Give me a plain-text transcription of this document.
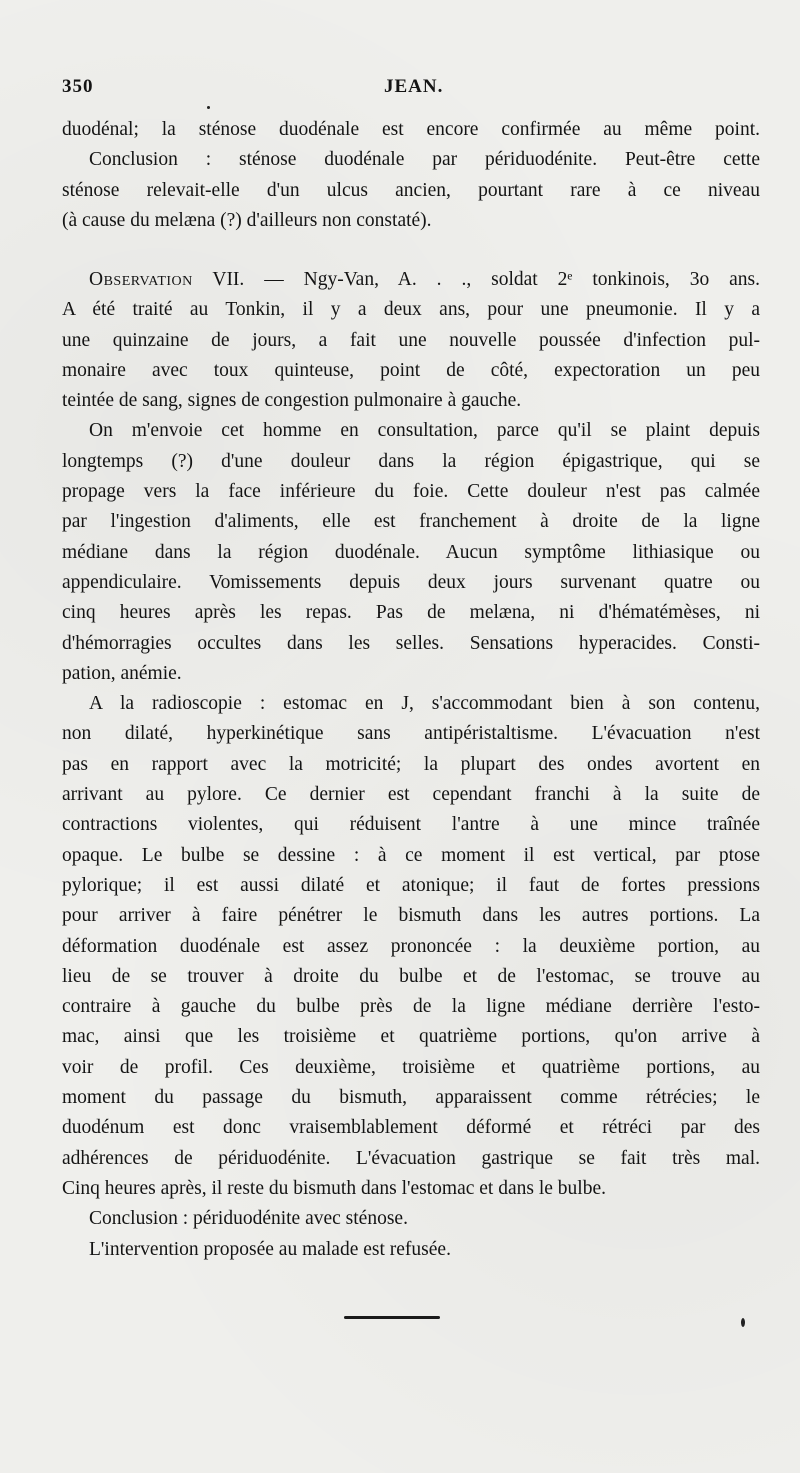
350	JEAN.
duodénal; la sténose duodénale est encore confirmée au même point.
Conclusion : sténose duodénale par périduodénite. Peut-être cette
sténose relevait-elle d'un ulcus ancien, pourtant rare à ce niveau
(à cause du melæna (?) d'ailleurs non constaté).
Observation VII. — Ngy-Van, A. . ., soldat 2ᵉ tonkinois, 3o ans.
A été traité au Tonkin, il y a deux ans, pour une pneumonie. Il y a
une quinzaine de jours, a fait une nouvelle poussée d'infection pul-
monaire avec toux quinteuse, point de côté, expectoration un peu
teintée de sang, signes de congestion pulmonaire à gauche.
On m'envoie cet homme en consultation, parce qu'il se plaint depuis
longtemps (?) d'une douleur dans la région épigastrique, qui se
propage vers la face inférieure du foie. Cette douleur n'est pas calmée
par l'ingestion d'aliments, elle est franchement à droite de la ligne
médiane dans la région duodénale. Aucun symptôme lithiasique ou
appendiculaire. Vomissements depuis deux jours survenant quatre ou
cinq heures après les repas. Pas de melæna, ni d'hématémèses, ni
d'hémorragies occultes dans les selles. Sensations hyperacides. Consti-
pation, anémie.
A la radioscopie : estomac en J, s'accommodant bien à son contenu,
non dilaté, hyperkinétique sans antipéristaltisme. L'évacuation n'est
pas en rapport avec la motricité; la plupart des ondes avortent en
arrivant au pylore. Ce dernier est cependant franchi à la suite de
contractions violentes, qui réduisent l'antre à une mince traînée
opaque. Le bulbe se dessine : à ce moment il est vertical, par ptose
pylorique; il est aussi dilaté et atonique; il faut de fortes pressions
pour arriver à faire pénétrer le bismuth dans les autres portions. La
déformation duodénale est assez prononcée : la deuxième portion, au
lieu de se trouver à droite du bulbe et de l'estomac, se trouve au
contraire à gauche du bulbe près de la ligne médiane derrière l'esto-
mac, ainsi que les troisième et quatrième portions, qu'on arrive à
voir de profil. Ces deuxième, troisième et quatrième portions, au
moment du passage du bismuth, apparaissent comme rétrécies; le
duodénum est donc vraisemblablement déformé et rétréci par des
adhérences de périduodénite. L'évacuation gastrique se fait très mal.
Cinq heures après, il reste du bismuth dans l'estomac et dans le bulbe.
Conclusion : périduodénite avec sténose.
L'intervention proposée au malade est refusée.
